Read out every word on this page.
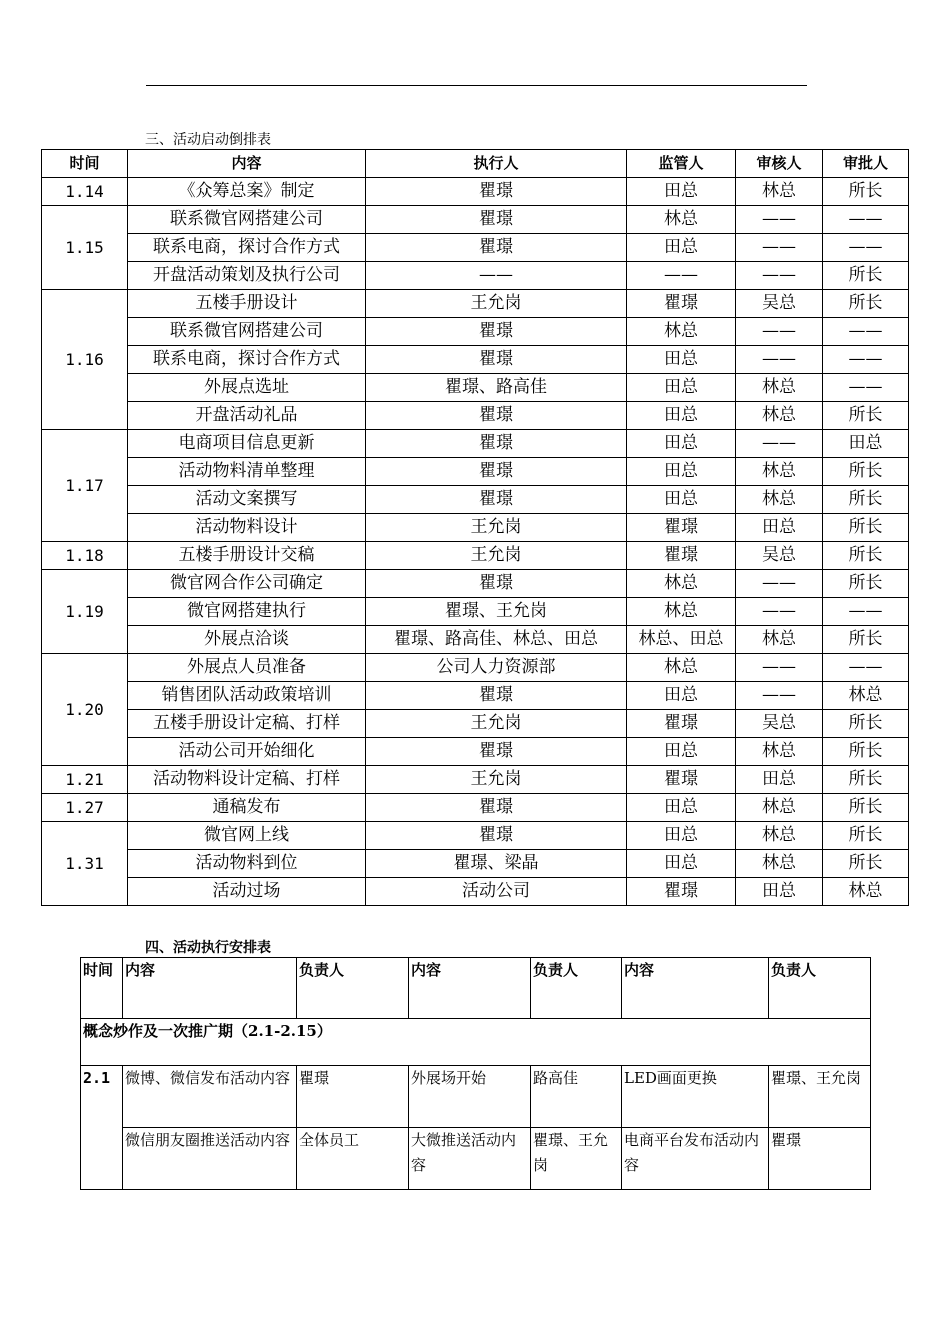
三、活动启动倒排表
时间	内容	执行人	监管人	审核人	审批人
1.14	《众筹总案》制定	瞿璟	田总	林总	所长
1.15	联系微官网搭建公司	瞿璟	林总	——	——
	联系电商，探讨合作方式	瞿璟	田总	——	——
	开盘活动策划及执行公司	——	——	——	所长
1.16	五楼手册设计	王允岗	瞿璟	吴总	所长
	联系微官网搭建公司	瞿璟	林总	——	——
	联系电商，探讨合作方式	瞿璟	田总	——	——
	外展点选址	瞿璟、路高佳	田总	林总	——
	开盘活动礼品	瞿璟	田总	林总	所长
1.17	电商项目信息更新	瞿璟	田总	——	田总
	活动物料清单整理	瞿璟	田总	林总	所长
	活动文案撰写	瞿璟	田总	林总	所长
	活动物料设计	王允岗	瞿璟	田总	所长
1.18	五楼手册设计交稿	王允岗	瞿璟	吴总	所长
1.19	微官网合作公司确定	瞿璟	林总	——	所长
	微官网搭建执行	瞿璟、王允岗	林总	——	——
	外展点洽谈	瞿璟、路高佳、林总、田总	林总、田总	林总	所长
1.20	外展点人员准备	公司人力资源部	林总	——	——
	销售团队活动政策培训	瞿璟	田总	——	林总
	五楼手册设计定稿、打样	王允岗	瞿璟	吴总	所长
	活动公司开始细化	瞿璟	田总	林总	所长
1.21	活动物料设计定稿、打样	王允岗	瞿璟	田总	所长
1.27	通稿发布	瞿璟	田总	林总	所长
1.31	微官网上线	瞿璟	田总	林总	所长
	活动物料到位	瞿璟、梁晶	田总	林总	所长
	活动过场	活动公司	瞿璟	田总	林总
四、活动执行安排表
时间	内容	负责人	内容	负责人	内容	负责人
概念炒作及一次推广期（2.1-2.15）						
2.1	微博、微信发布活动内容	瞿璟	外展场开始	路高佳	LED画面更换	瞿璟、王允岗
	微信朋友圈推送活动内容	全体员工	大微推送活动内容	瞿璟、王允岗	电商平台发布活动内容	瞿璟
